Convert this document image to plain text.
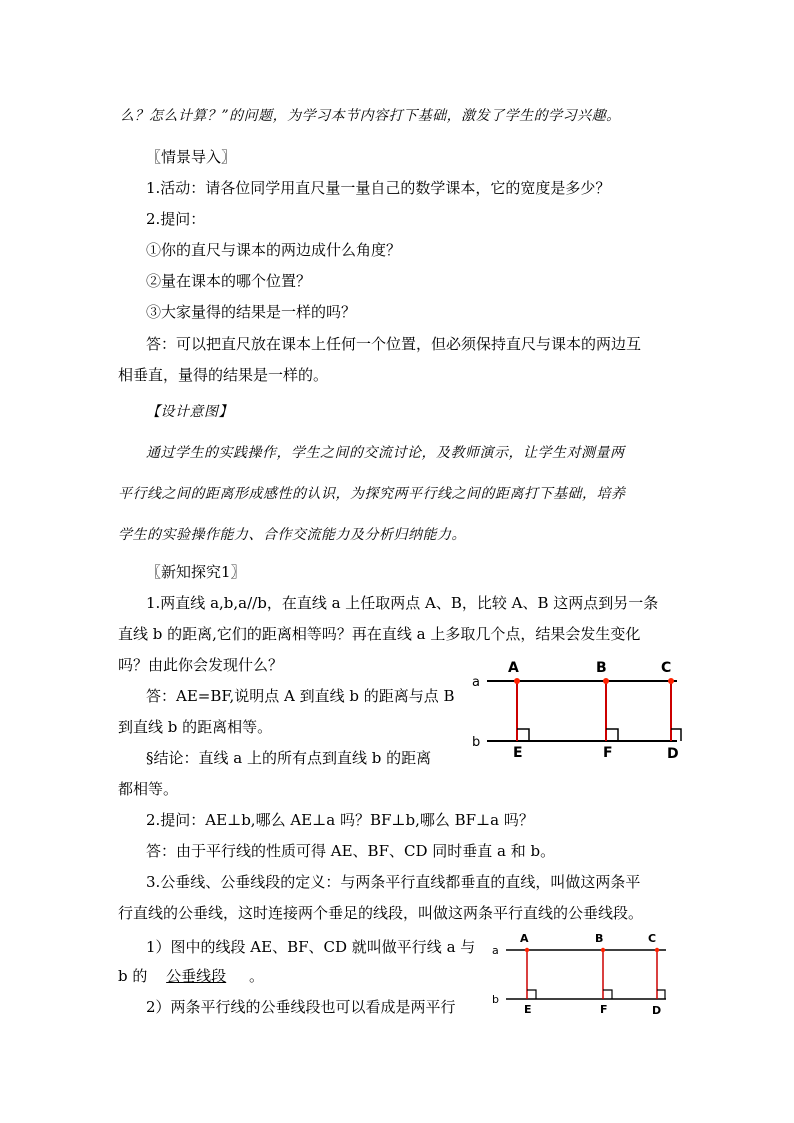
么？怎么计算？”的问题，为学习本节内容打下基础，激发了学生的学习兴趣。
〖情景导入〗
1.活动：请各位同学用直尺量一量自己的数学课本，它的宽度是多少？
2.提问：
①你的直尺与课本的两边成什么角度？
②量在课本的哪个位置？
③大家量得的结果是一样的吗？
答：可以把直尺放在课本上任何一个位置，但必须保持直尺与课本的两边互
相垂直，量得的结果是一样的。
【设计意图】
通过学生的实践操作，学生之间的交流讨论，及教师演示，让学生对测量两
平行线之间的距离形成感性的认识，为探究两平行线之间的距离打下基础，培养
学生的实验操作能力、合作交流能力及分析归纳能力。
〖新知探究1〗
1.两直线 a,b,a//b，在直线 a 上任取两点 A、B，比较 A、B 这两点到另一条
直线 b 的距离,它们的距离相等吗？再在直线 a 上多取几个点，结果会发生变化
吗？由此你会发现什么？
答：AE=BF,说明点 A 到直线 b 的距离与点 B
到直线 b 的距离相等。
§结论：直线 a 上的所有点到直线 b 的距离
都相等。
2.提问：AE⊥b,哪么 AE⊥a 吗？BF⊥b,哪么 BF⊥a 吗？
答：由于平行线的性质可得 AE、BF、CD 同时垂直 a 和 b。
3.公垂线、公垂线段的定义：与两条平行直线都垂直的直线，叫做这两条平
行直线的公垂线，这时连接两个垂足的线段，叫做这两条平行直线的公垂线段。
1）图中的线段 AE、BF、CD 就叫做平行线 a 与
b 的 公垂线段 。
2）两条平行线的公垂线段也可以看成是两平行
a
b
A	B	C
E	F	D
a
b
A	B	C
E	F	D
